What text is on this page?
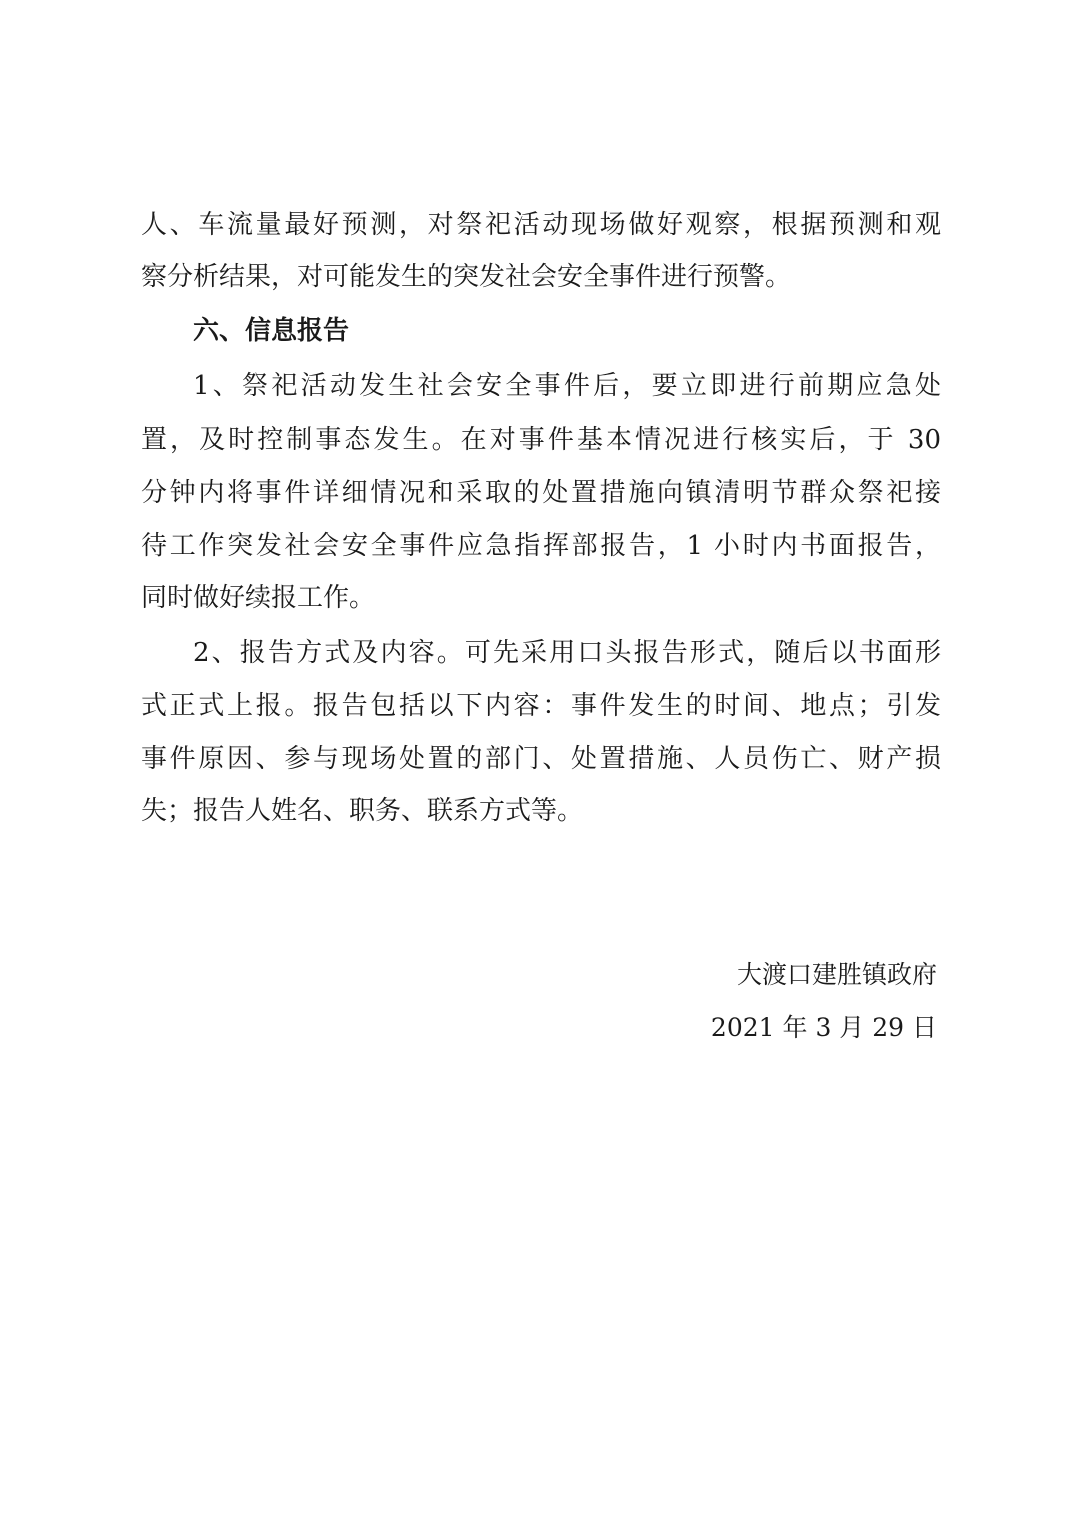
人、车流量最好预测，对祭祀活动现场做好观察，根据预测和观
察分析结果，对可能发生的突发社会安全事件进行预警。
六、信息报告
1、祭祀活动发生社会安全事件后，要立即进行前期应急处
置，及时控制事态发生。在对事件基本情况进行核实后，于 30
分钟内将事件详细情况和采取的处置措施向镇清明节群众祭祀接
待工作突发社会安全事件应急指挥部报告，1 小时内书面报告，
同时做好续报工作。
2、报告方式及内容。可先采用口头报告形式，随后以书面形
式正式上报。报告包括以下内容：事件发生的时间、地点；引发
事件原因、参与现场处置的部门、处置措施、人员伤亡、财产损
失；报告人姓名、职务、联系方式等。
大渡口建胜镇政府
2021 年 3 月 29 日
